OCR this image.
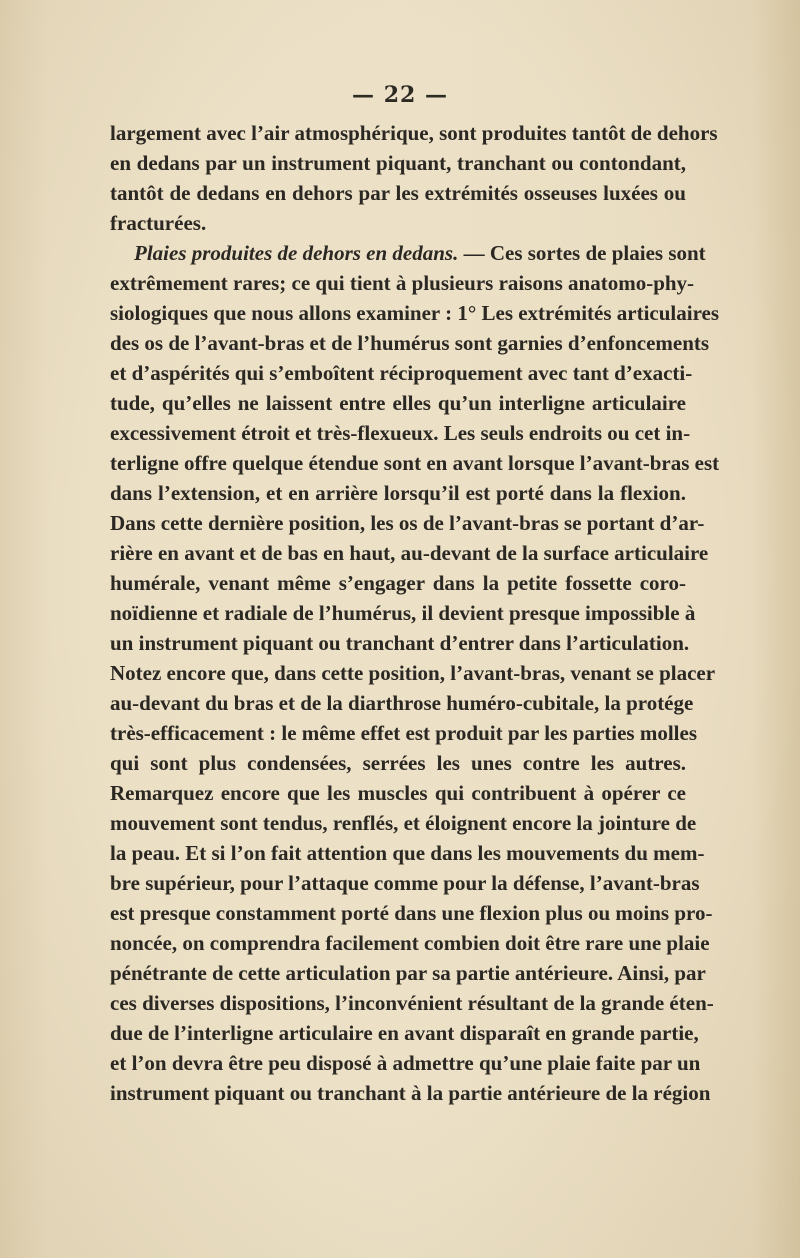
— 22 —
largement avec l’air atmosphérique, sont produites tantôt de dehors
en dedans par un instrument piquant, tranchant ou contondant,
tantôt de dedans en dehors par les extrémités osseuses luxées ou
fracturées.
Plaies produites de dehors en dedans. — Ces sortes de plaies sont
extrêmement rares; ce qui tient à plusieurs raisons anatomo-phy-
siologiques que nous allons examiner : 1° Les extrémités articulaires
des os de l’avant-bras et de l’humérus sont garnies d’enfoncements
et d’aspérités qui s’emboîtent réciproquement avec tant d’exacti-
tude, qu’elles ne laissent entre elles qu’un interligne articulaire
excessivement étroit et très-flexueux. Les seuls endroits ou cet in-
terligne offre quelque étendue sont en avant lorsque l’avant-bras est
dans l’extension, et en arrière lorsqu’il est porté dans la flexion.
Dans cette dernière position, les os de l’avant-bras se portant d’ar-
rière en avant et de bas en haut, au-devant de la surface articulaire
humérale, venant même s’engager dans la petite fossette coro-
noïdienne et radiale de l’humérus, il devient presque impossible à
un instrument piquant ou tranchant d’entrer dans l’articulation.
Notez encore que, dans cette position, l’avant-bras, venant se placer
au-devant du bras et de la diarthrose huméro-cubitale, la protége
très-efficacement : le même effet est produit par les parties molles
qui sont plus condensées, serrées les unes contre les autres.
Remarquez encore que les muscles qui contribuent à opérer ce
mouvement sont tendus, renflés, et éloignent encore la jointure de
la peau. Et si l’on fait attention que dans les mouvements du mem-
bre supérieur, pour l’attaque comme pour la défense, l’avant-bras
est presque constamment porté dans une flexion plus ou moins pro-
noncée, on comprendra facilement combien doit être rare une plaie
pénétrante de cette articulation par sa partie antérieure. Ainsi, par
ces diverses dispositions, l’inconvénient résultant de la grande éten-
due de l’interligne articulaire en avant disparaît en grande partie,
et l’on devra être peu disposé à admettre qu’une plaie faite par un
instrument piquant ou tranchant à la partie antérieure de la région
